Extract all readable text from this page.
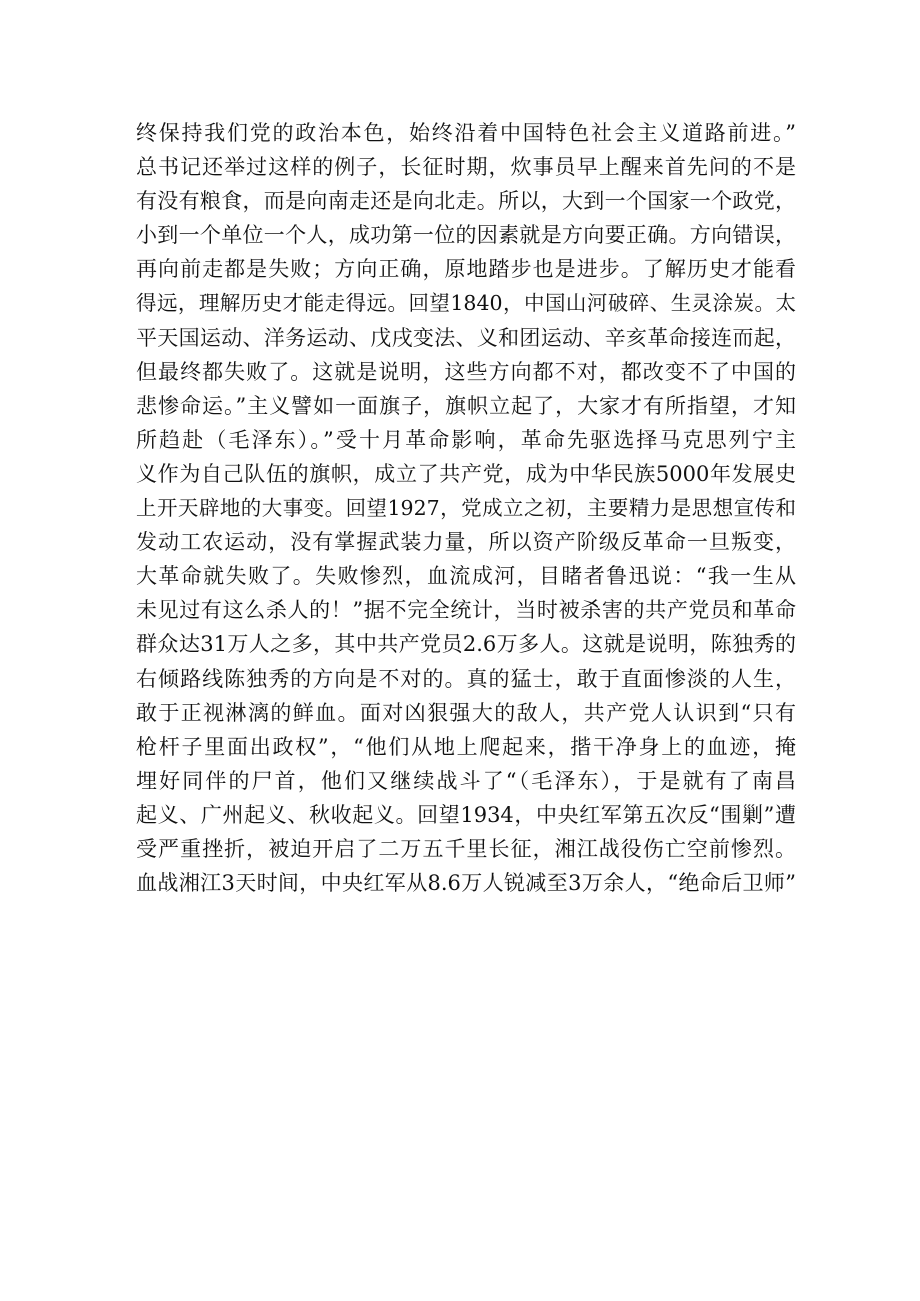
终保持我们党的政治本色，始终沿着中国特色社会主义道路前进。”
总书记还举过这样的例子，长征时期，炊事员早上醒来首先问的不是
有没有粮食，而是向南走还是向北走。所以，大到一个国家一个政党，
小到一个单位一个人，成功第一位的因素就是方向要正确。方向错误，
再向前走都是失败；方向正确，原地踏步也是进步。了解历史才能看
得远，理解历史才能走得远。回望1840，中国山河破碎、生灵涂炭。太
平天国运动、洋务运动、戊戌变法、义和团运动、辛亥革命接连而起，
但最终都失败了。这就是说明，这些方向都不对，都改变不了中国的
悲惨命运。”主义譬如一面旗子，旗帜立起了，大家才有所指望，才知
所趋赴（毛泽东）。”受十月革命影响，革命先驱选择马克思列宁主
义作为自己队伍的旗帜，成立了共产党，成为中华民族5000年发展史
上开天辟地的大事变。回望1927，党成立之初，主要精力是思想宣传和
发动工农运动，没有掌握武装力量，所以资产阶级反革命一旦叛变，
大革命就失败了。失败惨烈，血流成河，目睹者鲁迅说：“我一生从
未见过有这么杀人的！”据不完全统计，当时被杀害的共产党员和革命
群众达31万人之多，其中共产党员2.6万多人。这就是说明，陈独秀的
右倾路线陈独秀的方向是不对的。真的猛士，敢于直面惨淡的人生，
敢于正视淋漓的鲜血。面对凶狠强大的敌人，共产党人认识到“只有
枪杆子里面出政权”，“他们从地上爬起来，揩干净身上的血迹，掩
埋好同伴的尸首，他们又继续战斗了“（毛泽东），于是就有了南昌
起义、广州起义、秋收起义。回望1934，中央红军第五次反“围剿”遭
受严重挫折，被迫开启了二万五千里长征，湘江战役伤亡空前惨烈。
血战湘江3天时间，中央红军从8.6万人锐减至3万余人，“绝命后卫师”
